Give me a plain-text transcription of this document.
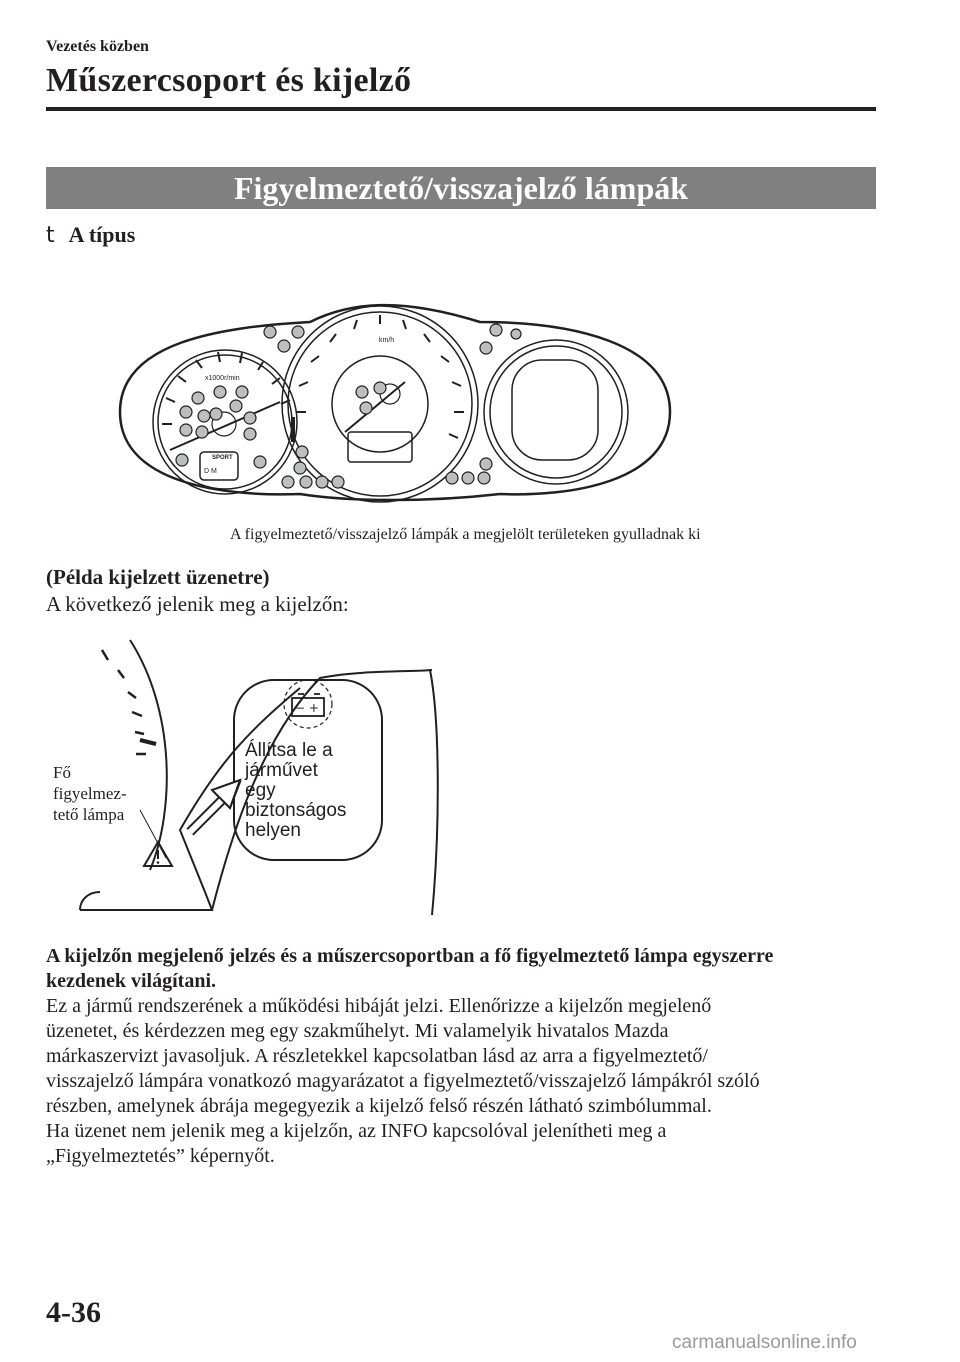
Vezetés közben
Műszercsoport és kijelző
Figyelmeztető/visszajelző lámpák
t A típus
x1000r/min
km/h
SPORT
D M
A figyelmeztető/visszajelző lámpák a megjelölt területeken gyulladnak ki
(Példa kijelzett üzenetre)
A következő jelenik meg a kijelzőn:
− +
Fő
figyelmez-
tető lámpa
Állítsa le a
járművet
egy
biztonságos
helyen
A kijelzőn megjelenő jelzés és a műszercsoportban a fő figyelmeztető lámpa egyszerre
kezdenek világítani.
Ez a jármű rendszerének a működési hibáját jelzi. Ellenőrizze a kijelzőn megjelenő
üzenetet, és kérdezzen meg egy szakműhelyt. Mi valamelyik hivatalos Mazda
márkaszervizt javasoljuk. A részletekkel kapcsolatban lásd az arra a figyelmeztető/
visszajelző lámpára vonatkozó magyarázatot a figyelmeztető/visszajelző lámpákról szóló
részben, amelynek ábrája megegyezik a kijelző felső részén látható szimbólummal.
Ha üzenet nem jelenik meg a kijelzőn, az INFO kapcsolóval jelenítheti meg a
„Figyelmeztetés” képernyőt.
4-36
carmanualsonline.info
